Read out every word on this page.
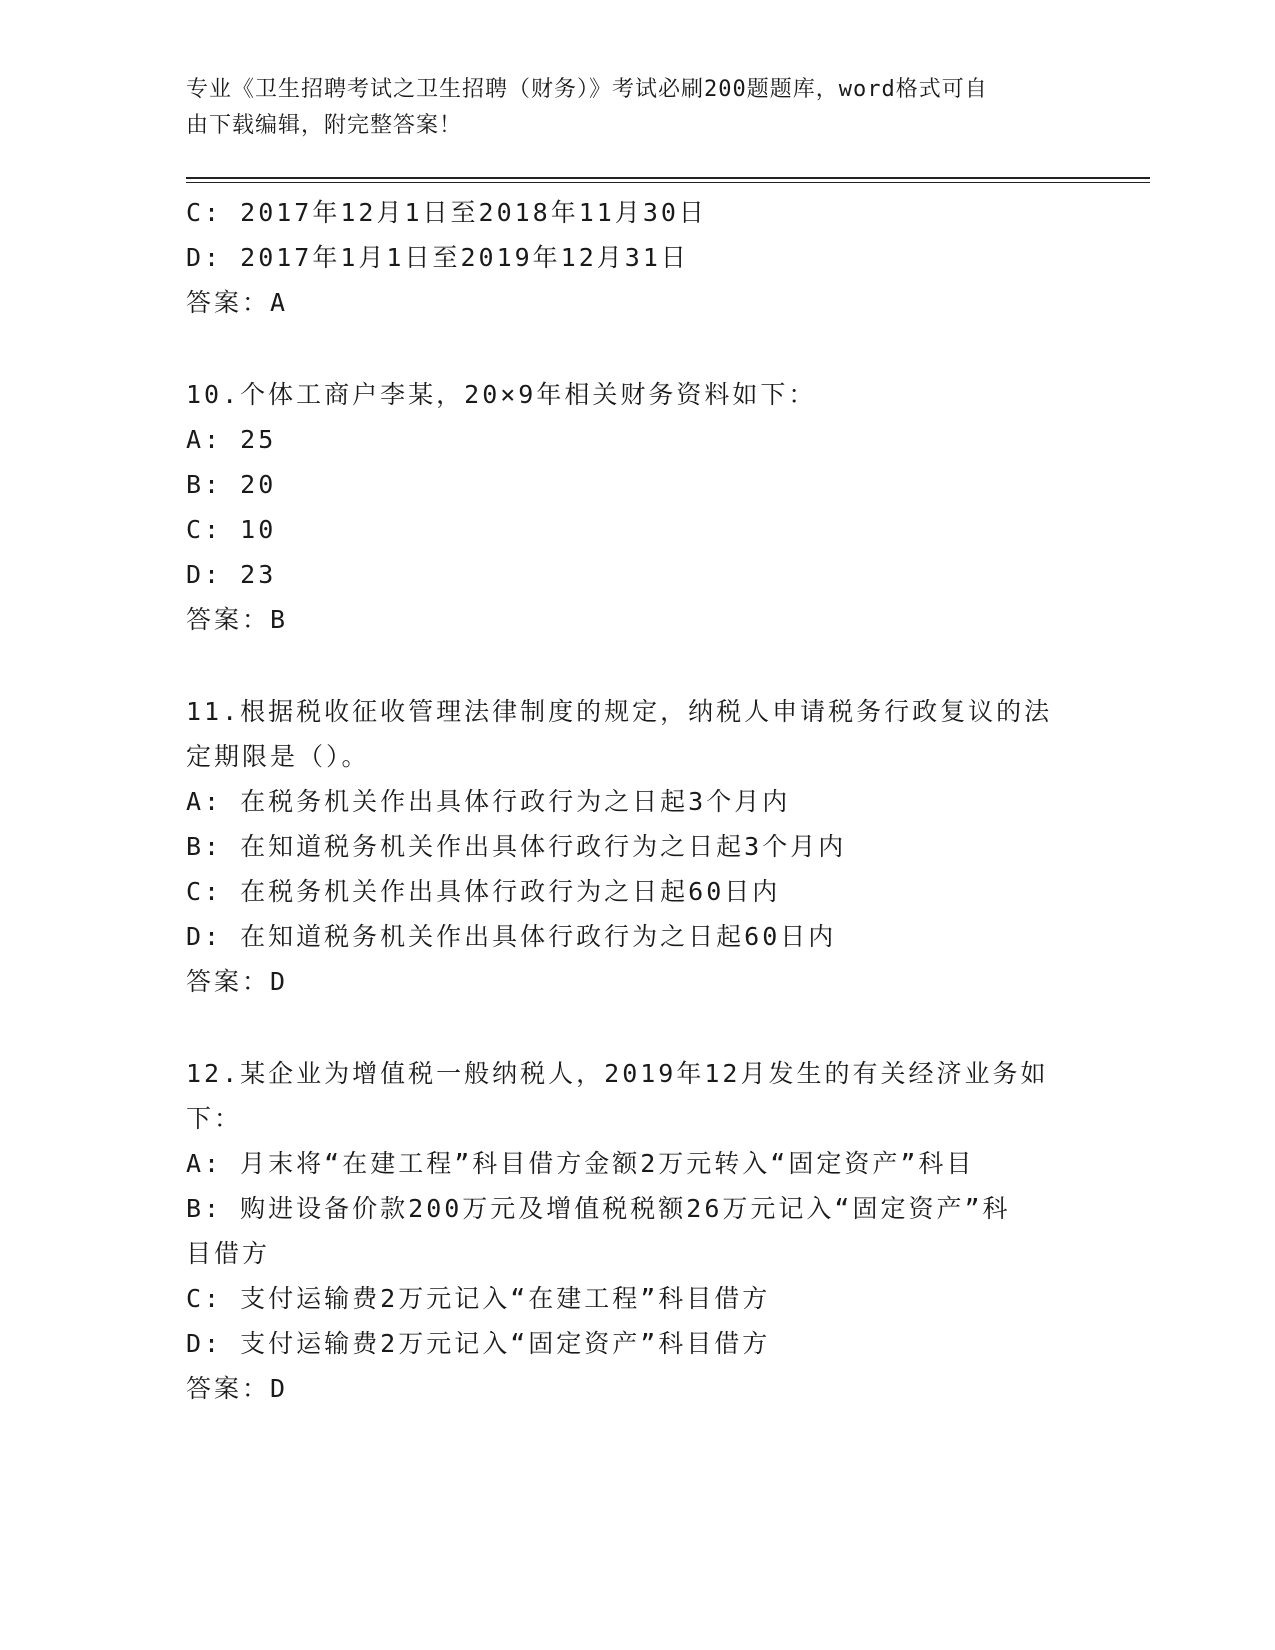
专业《卫生招聘考试之卫生招聘（财务）》考试必刷200题题库，word格式可自
由下载编辑，附完整答案！
C: 2017年12月1日至2018年11月30日
D: 2017年1月1日至2019年12月31日
答案：A
10.个体工商户李某，20×9年相关财务资料如下：
A: 25
B: 20
C: 10
D: 23
答案：B
11.根据税收征收管理法律制度的规定，纳税人申请税务行政复议的法
定期限是（）。
A: 在税务机关作出具体行政行为之日起3个月内
B: 在知道税务机关作出具体行政行为之日起3个月内
C: 在税务机关作出具体行政行为之日起60日内
D: 在知道税务机关作出具体行政行为之日起60日内
答案：D
12.某企业为增值税一般纳税人，2019年12月发生的有关经济业务如
下：
A: 月末将“在建工程”科目借方金额2万元转入“固定资产”科目
B: 购进设备价款200万元及增值税税额26万元记入“固定资产”科
目借方
C: 支付运输费2万元记入“在建工程”科目借方
D: 支付运输费2万元记入“固定资产”科目借方
答案：D
